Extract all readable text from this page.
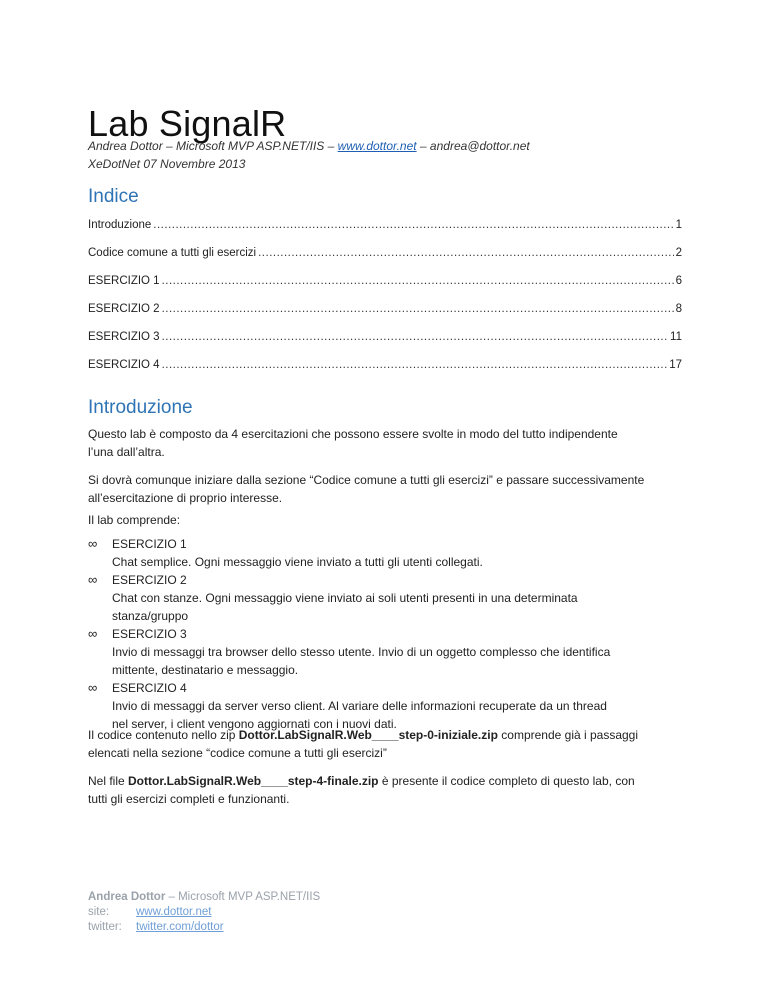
Lab SignalR
Andrea Dottor – Microsoft MVP ASP.NET/IIS – www.dottor.net – andrea@dottor.net
XeDotNet 07 Novembre 2013
Indice
Introduzione .....	1
Codice comune a tutti gli esercizi .....	2
ESERCIZIO 1 .....	6
ESERCIZIO 2 .....	8
ESERCIZIO 3 .....	11
ESERCIZIO 4 .....	17
Introduzione
Questo lab è composto da 4 esercitazioni che possono essere svolte in modo del tutto indipendente
l’una dall’altra.
Si dovrà comunque iniziare dalla sezione “Codice comune a tutti gli esercizi” e passare successivamente
all’esercitazione di proprio interesse.
Il lab comprende:
∞	ESERCIZIO 1
Chat semplice. Ogni messaggio viene inviato a tutti gli utenti collegati.
∞	ESERCIZIO 2
Chat con stanze. Ogni messaggio viene inviato ai soli utenti presenti in una determinata
stanza/gruppo
∞	ESERCIZIO 3
Invio di messaggi tra browser dello stesso utente. Invio di un oggetto complesso che identifica
mittente, destinatario e messaggio.
∞	ESERCIZIO 4
Invio di messaggi da server verso client. Al variare delle informazioni recuperate da un thread
nel server, i client vengono aggiornati con i nuovi dati.
Il codice contenuto nello zip Dottor.LabSignalR.Web____step-0-iniziale.zip comprende già i passaggi
elencati nella sezione “codice comune a tutti gli esercizi”
Nel file Dottor.LabSignalR.Web____step-4-finale.zip è presente il codice completo di questo lab, con
tutti gli esercizi completi e funzionanti.
Andrea Dottor – Microsoft MVP ASP.NET/IIS
site: www.dottor.net
twitter: twitter.com/dottor
